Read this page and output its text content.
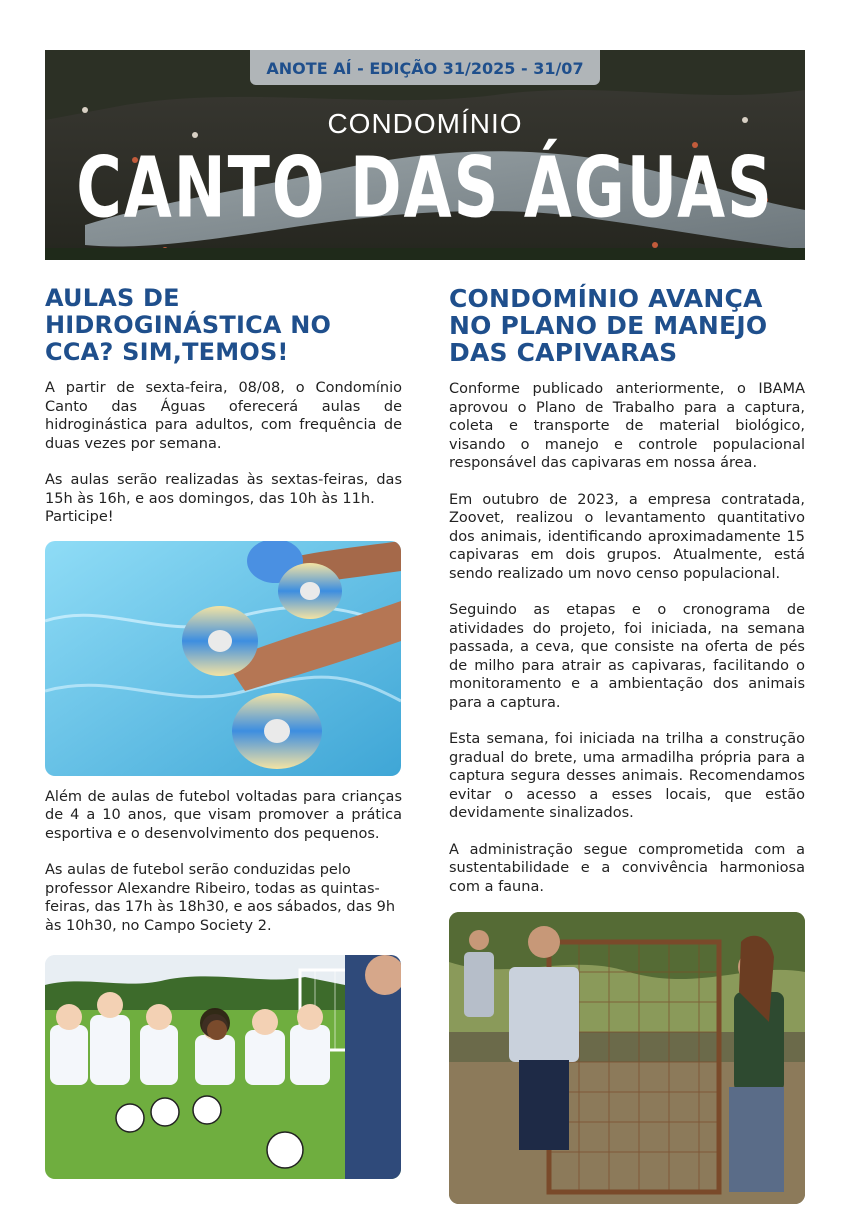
ANOTE AÍ - EDIÇÃO 31/2025 - 31/07
CONDOMÍNIO
CANTO DAS ÁGUAS
AULAS DE HIDROGINÁSTICA NO CCA? SIM,TEMOS!

A partir de sexta-feira, 08/08, o Condomínio Canto das Águas oferecerá aulas de hidroginástica para adultos, com frequência de duas vezes por semana.

As aulas serão realizadas às sextas-feiras, das 15h às 16h, e aos domingos, das 10h às 11h.

Participe!

Além de aulas de futebol voltadas para crianças de 4 a 10 anos, que visam promover a prática esportiva e o desenvolvimento dos pequenos.

As aulas de futebol serão conduzidas pelo professor Alexandre Ribeiro, todas as quintas-feiras, das 17h às 18h30, e aos sábados, das 9h às 10h30, no Campo Society 2.

CONDOMÍNIO AVANÇA NO PLANO DE MANEJO DAS CAPIVARAS

Conforme publicado anteriormente, o IBAMA aprovou o Plano de Trabalho para a captura, coleta e transporte de material biológico, visando o manejo e controle populacional responsável das capivaras em nossa área.

Em outubro de 2023, a empresa contratada, Zoovet, realizou o levantamento quantitativo dos animais, identificando aproximadamente 15 capivaras em dois grupos. Atualmente, está sendo realizado um novo censo populacional.

Seguindo as etapas e o cronograma de atividades do projeto, foi iniciada, na semana passada, a ceva, que consiste na oferta de pés de milho para atrair as capivaras, facilitando o monitoramento e a ambientação dos animais para a captura.

Esta semana, foi iniciada na trilha a construção gradual do brete, uma armadilha própria para a captura segura desses animais. Recomendamos evitar o acesso a esses locais, que estão devidamente sinalizados.

A administração segue comprometida com a sustentabilidade e a convivência harmoniosa com a fauna.
